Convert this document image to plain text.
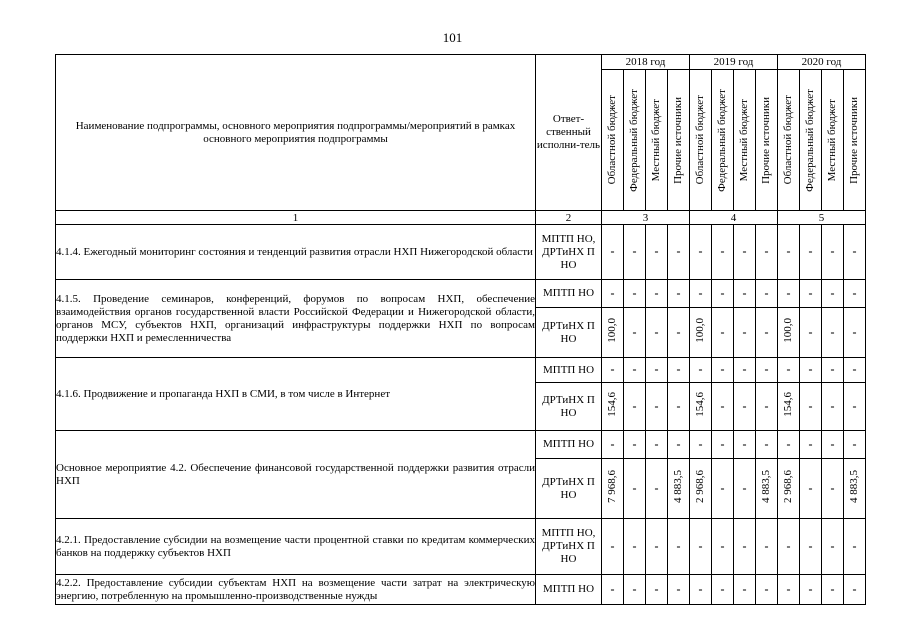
101
Наименование подпрограммы, основного мероприятия подпрограммы/мероприятий в рамках основного мероприятия подпрограммы	Ответ-ственный исполни-тель	2018 год				2019 год				2020 год			

		Областной бюджет	Федеральный бюджет	Местный бюджет	Прочие источники	Областной бюджет	Федеральный бюджет	Местный бюджет	Прочие источники	Областной бюджет	Федеральный бюджет	Местный бюджет	Прочие источники

1	2	3				4				5			
4.1.4. Ежегодный мониторинг состояния и тенденций развития отрасли НХП Нижегородской области	МПТП НО, ДРТиНХ П НО	-	-	-	-	-	-	-	-	-	-	-	-
4.1.5. Проведение семинаров, конференций, форумов по вопросам НХП, обеспечение взаимодействия органов государственной власти Российской Федерации и Нижегородской области, органов МСУ, субъектов НХП, организаций инфраструктуры поддержки НХП по вопросам поддержки НХП и ремесленничества	МПТП НО	-	-	-	-	-	-	-	-	-	-	-	-
	ДРТиНХ П НО	100,0	-	-	-	100,0	-	-	-	100,0	-	-	-
4.1.6. Продвижение и пропаганда НХП в СМИ, в том числе в Интернет	МПТП НО	-	-	-	-	-	-	-	-	-	-	-	-
	ДРТиНХ П НО	154,6	-	-	-	154,6	-	-	-	154,6	-	-	-
Основное мероприятие 4.2. Обеспечение финансовой государственной поддержки развития отрасли НХП	МПТП НО	-	-	-	-	-	-	-	-	-	-	-	-
	ДРТиНХ П НО	7 968,6	-	-	4 883,5	2 968,6	-	-	4 883,5	2 968,6	-	-	4 883,5
4.2.1. Предоставление субсидии на возмещение части процентной ставки по кредитам коммерческих банков на поддержку субъектов НХП	МПТП НО, ДРТиНХ П НО	-	-	-	-	-	-	-	-	-	-	-	-
4.2.2. Предоставление субсидии субъектам НХП на возмещение части затрат на электрическую энергию, потребленную на промышленно-производственные нужды	МПТП НО	-	-	-	-	-	-	-	-	-	-	-	-
